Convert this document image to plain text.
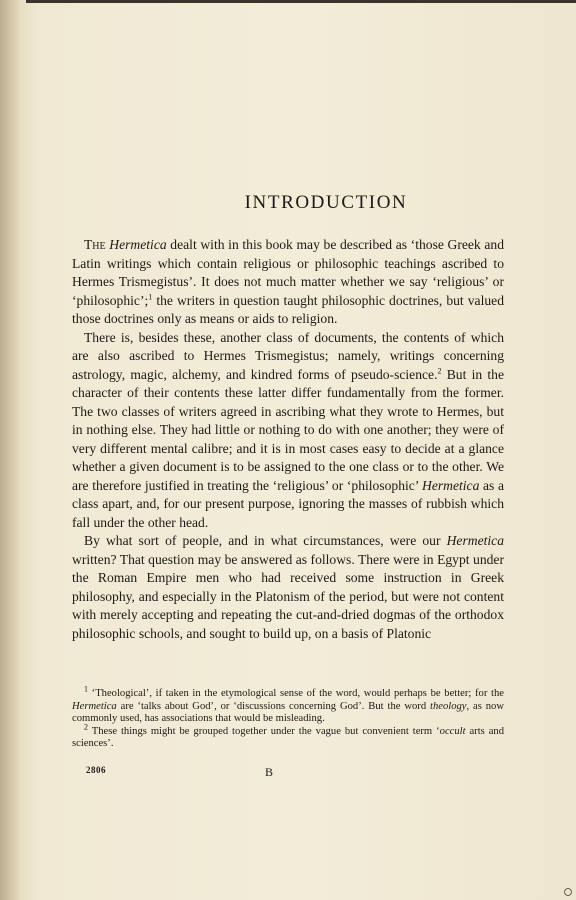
INTRODUCTION

The Hermetica dealt with in this book may be described as ‘those Greek and Latin writings which contain religious or philosophic teachings ascribed to Hermes Trismegistus’. It does not much matter whether we say ‘religious’ or ‘philosophic’;$^1$ the writers in question taught philosophic doctrines, but valued those doctrines only as means or aids to religion.

There is, besides these, another class of documents, the contents of which are also ascribed to Hermes Trismegistus; namely, writings concerning astrology, magic, alchemy, and kindred forms of pseudo-science.$^2$ But in the character of their contents these latter differ fundamentally from the former. The two classes of writers agreed in ascribing what they wrote to Hermes, but in nothing else. They had little or nothing to do with one another; they were of very different mental calibre; and it is in most cases easy to decide at a glance whether a given document is to be assigned to the one class or to the other. We are therefore justified in treating the ‘religious’ or ‘philosophic’ Hermetica as a class apart, and, for our present purpose, ignoring the masses of rubbish which fall under the other head.

By what sort of people, and in what circumstances, were our Hermetica written? That question may be answered as follows. There were in Egypt under the Roman Empire men who had received some instruction in Greek philosophy, and especially in the Platonism of the period, but were not content with merely accepting and repeating the cut-and-dried dogmas of the orthodox philosophic schools, and sought to build up, on a basis of Platonic

$^1$ ‘Theological’, if taken in the etymological sense of the word, would perhaps be better; for the Hermetica are ‘talks about God’, or ‘discussions concerning God’. But the word theology, as now commonly used, has associations that would be misleading.

$^2$ These things might be grouped together under the vague but convenient term ‘occult arts and sciences’.

2806	B
